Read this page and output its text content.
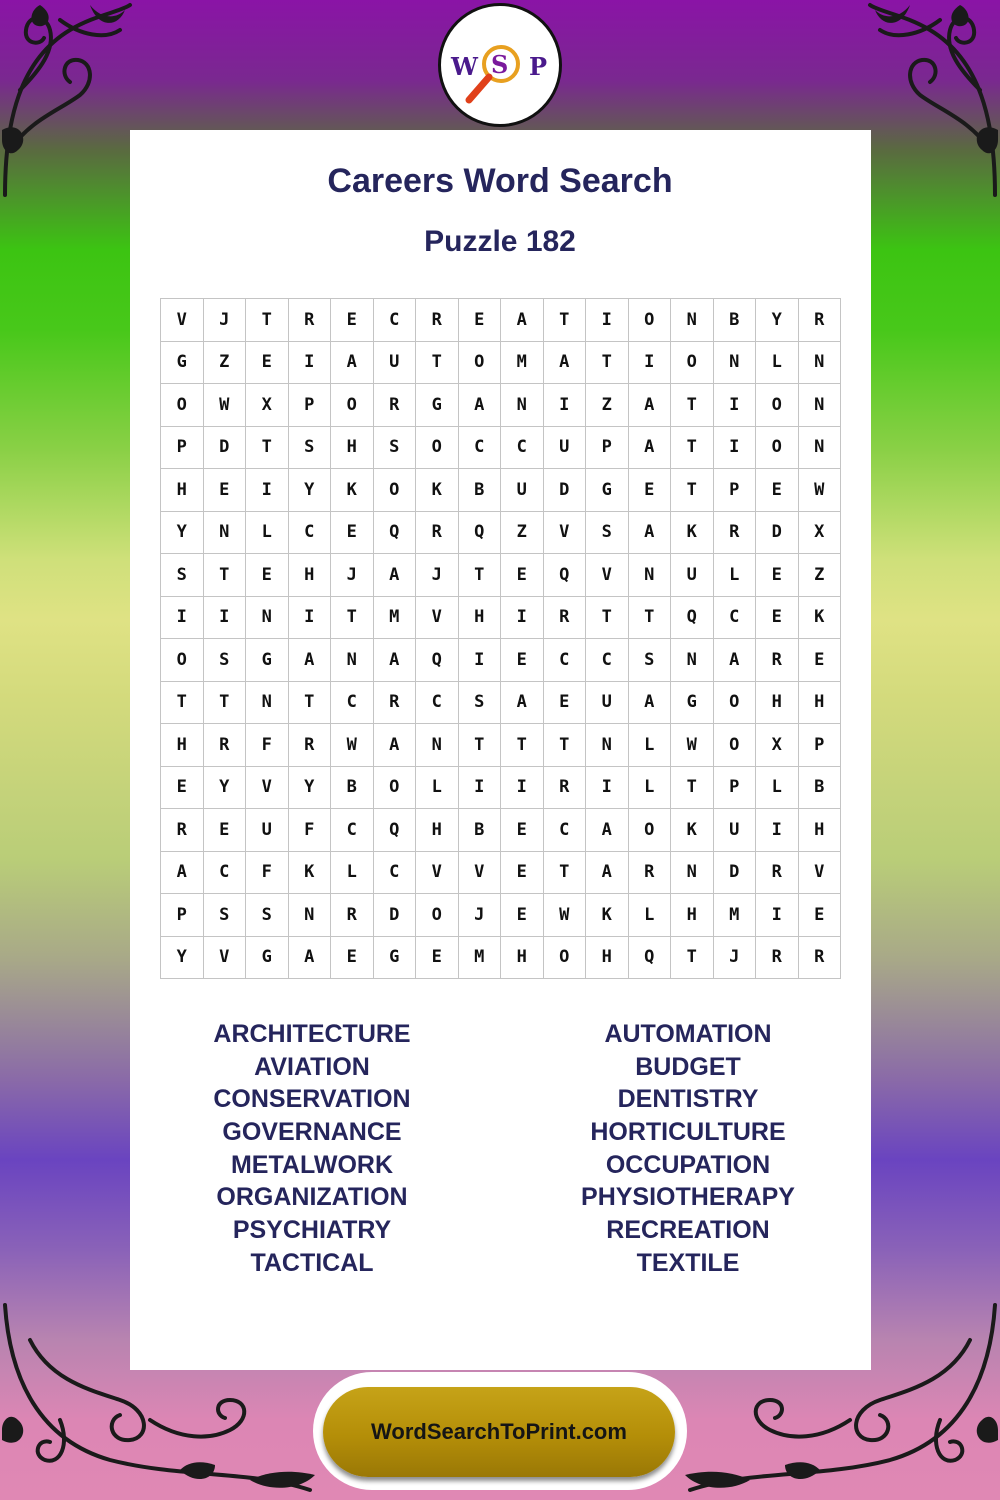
W S P
Careers Word Search
Puzzle 182
V	J	T	R	E	C	R	E	A	T	I	O	N	B	Y	R
G	Z	E	I	A	U	T	O	M	A	T	I	O	N	L	N
O	W	X	P	O	R	G	A	N	I	Z	A	T	I	O	N
P	D	T	S	H	S	O	C	C	U	P	A	T	I	O	N
H	E	I	Y	K	O	K	B	U	D	G	E	T	P	E	W
Y	N	L	C	E	Q	R	Q	Z	V	S	A	K	R	D	X
S	T	E	H	J	A	J	T	E	Q	V	N	U	L	E	Z
I	I	N	I	T	M	V	H	I	R	T	T	Q	C	E	K
O	S	G	A	N	A	Q	I	E	C	C	S	N	A	R	E
T	T	N	T	C	R	C	S	A	E	U	A	G	O	H	H
H	R	F	R	W	A	N	T	T	T	N	L	W	O	X	P
E	Y	V	Y	B	O	L	I	I	R	I	L	T	P	L	B
R	E	U	F	C	Q	H	B	E	C	A	O	K	U	I	H
A	C	F	K	L	C	V	V	E	T	A	R	N	D	R	V
P	S	S	N	R	D	O	J	E	W	K	L	H	M	I	E
Y	V	G	A	E	G	E	M	H	O	H	Q	T	J	R	R
ARCHITECTURE
AVIATION
CONSERVATION
GOVERNANCE
METALWORK
ORGANIZATION
PSYCHIATRY
TACTICAL
AUTOMATION
BUDGET
DENTISTRY
HORTICULTURE
OCCUPATION
PHYSIOTHERAPY
RECREATION
TEXTILE
WordSearchToPrint.com
